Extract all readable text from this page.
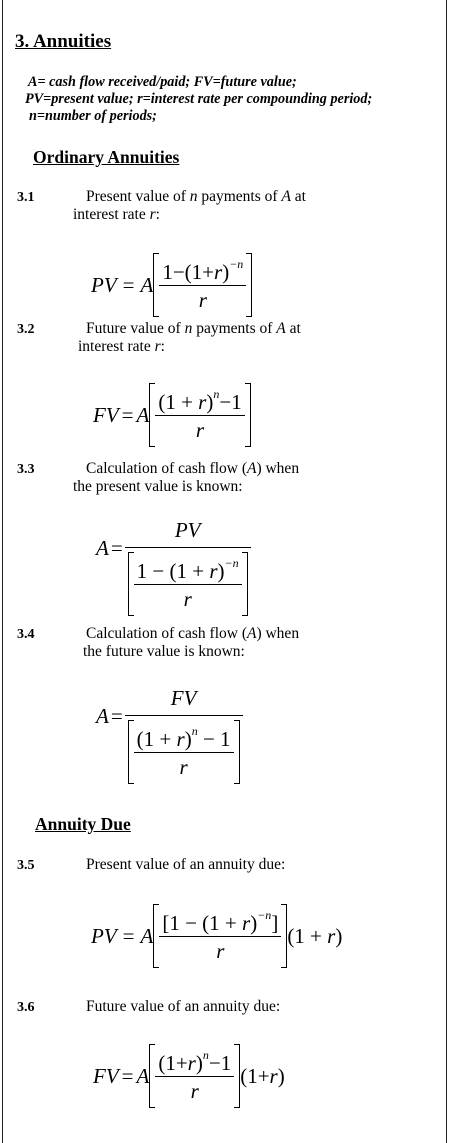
3. Annuities
A= cash flow received/paid; FV=future value;
PV=present value; r=interest rate per compounding period;
n=number of periods;
Ordinary Annuities
3.1	Present value of n payments of A at
interest rate r:
PV = A $\frac{1-(1+r)^{-n}}{r}$
3.2	Future value of n payments of A at
interest rate r:
FV = A $\frac{(1 + r)^n-1}{r}$
3.3	Calculation of cash flow (A) when
the present value is known:
$A = \frac{PV}{\frac{1 - (1 + r)^{-n}}{r}}$
3.4	Calculation of cash flow (A) when
the future value is known:
$A = \frac{FV}{\frac{(1 + r)^n - 1}{r}}$
Annuity Due
3.5	Present value of an annuity due:
PV = A $\frac{[1 - (1 + r)^{-n}]}{r} (1 + r)$
3.6	Future value of an annuity due:
FV = A $\frac{(1+r)^n-1}{r} (1+r)$
